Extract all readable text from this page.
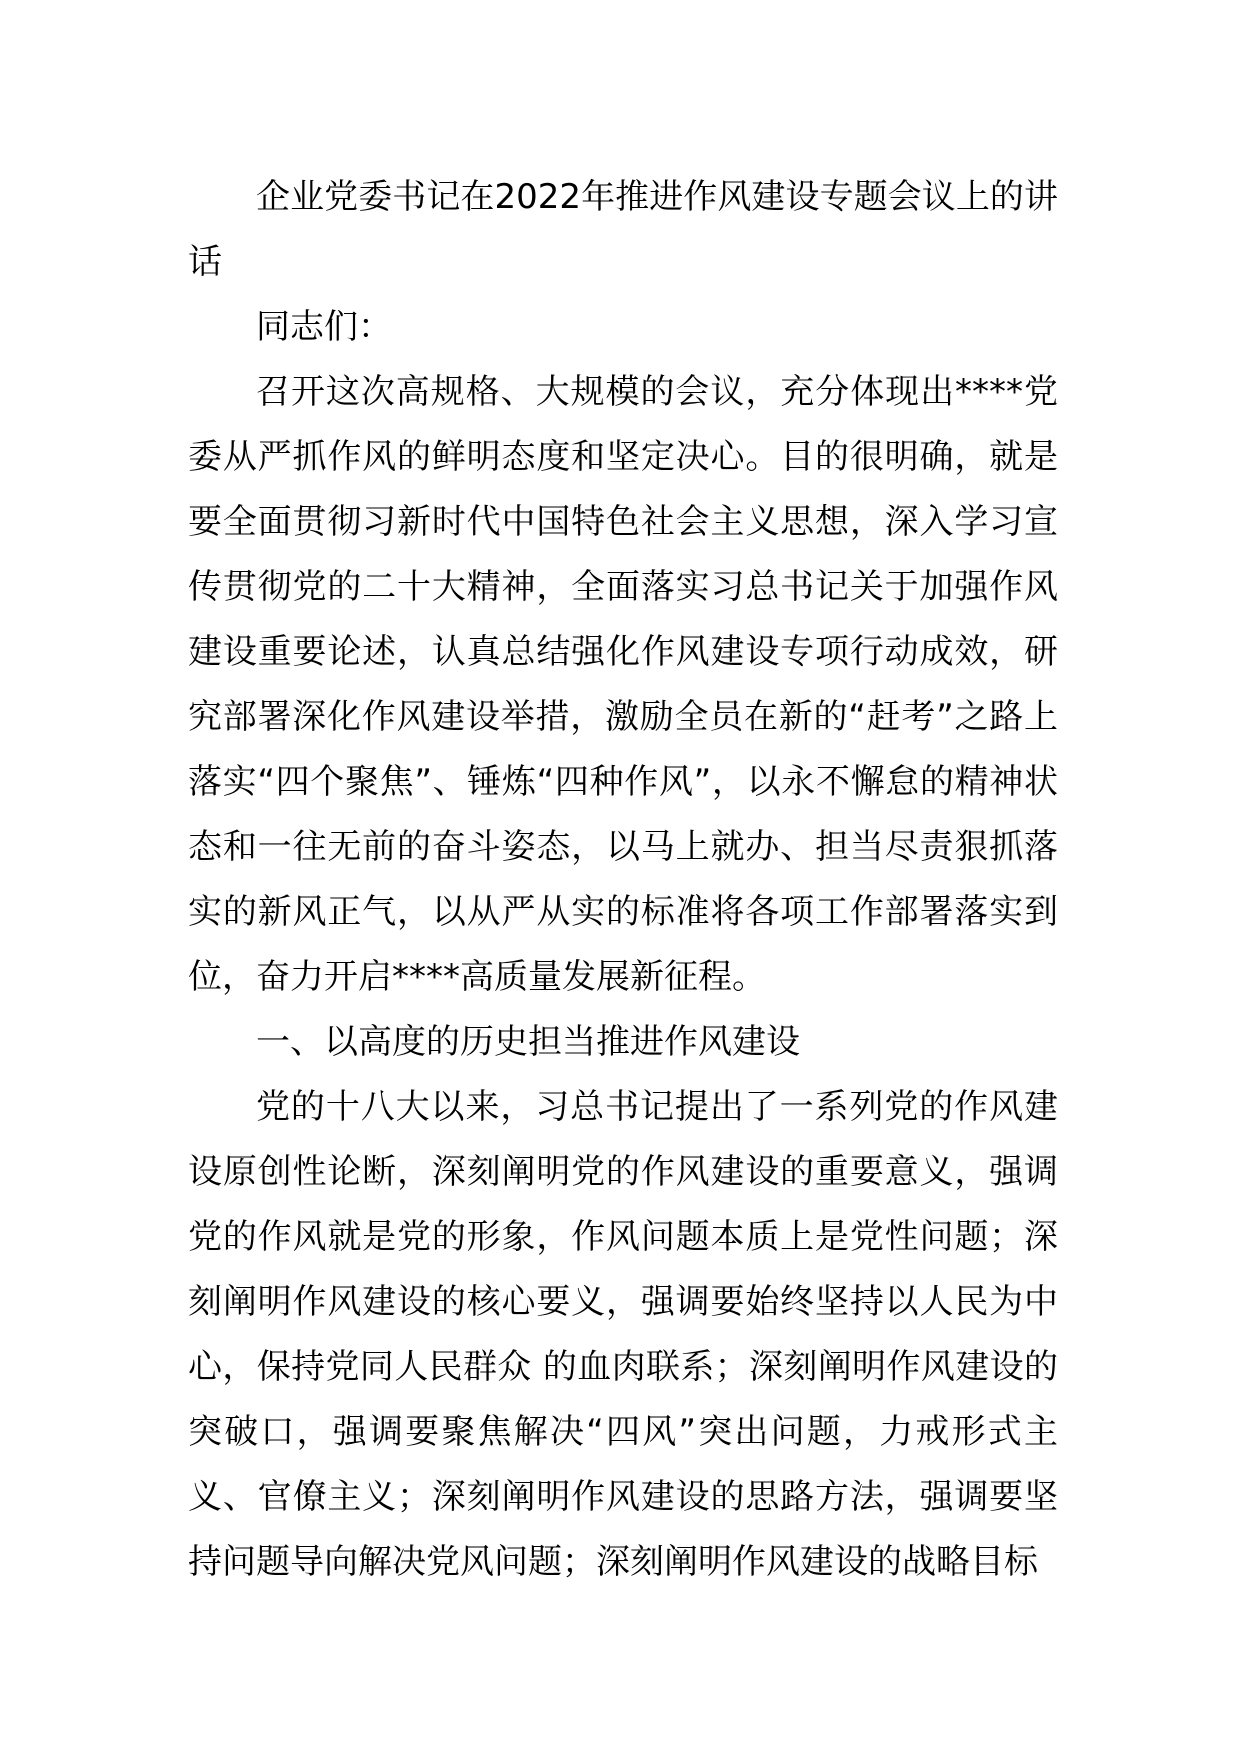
企业党委书记在2022年推进作风建设专题会议上的讲话

同志们：

召开这次高规格、大规模的会议，充分体现出****党委从严抓作风的鲜明态度和坚定决心。目的很明确，就是要全面贯彻习新时代中国特色社会主义思想，深入学习宣传贯彻党的二十大精神，全面落实习总书记关于加强作风建设重要论述，认真总结强化作风建设专项行动成效，研究部署深化作风建设举措，激励全员在新的“赶考”之路上落实“四个聚焦”、锤炼“四种作风”，以永不懈怠的精神状态和一往无前的奋斗姿态，以马上就办、担当尽责狠抓落实的新风正气，以从严从实的标准将各项工作部署落实到位，奋力开启****高质量发展新征程。

一、以高度的历史担当推进作风建设

党的十八大以来，习总书记提出了一系列党的作风建设原创性论断，深刻阐明党的作风建设的重要意义，强调党的作风就是党的形象，作风问题本质上是党性问题；深刻阐明作风建设的核心要义，强调要始终坚持以人民为中心，保持党同人民群众 的血肉联系；深刻阐明作风建设的突破口，强调要聚焦解决“四风”突出问题，力戒形式主义、官僚主义；深刻阐明作风建设的思路方法，强调要坚持问题导向解决党风问题；深刻阐明作风建设的战略目标
